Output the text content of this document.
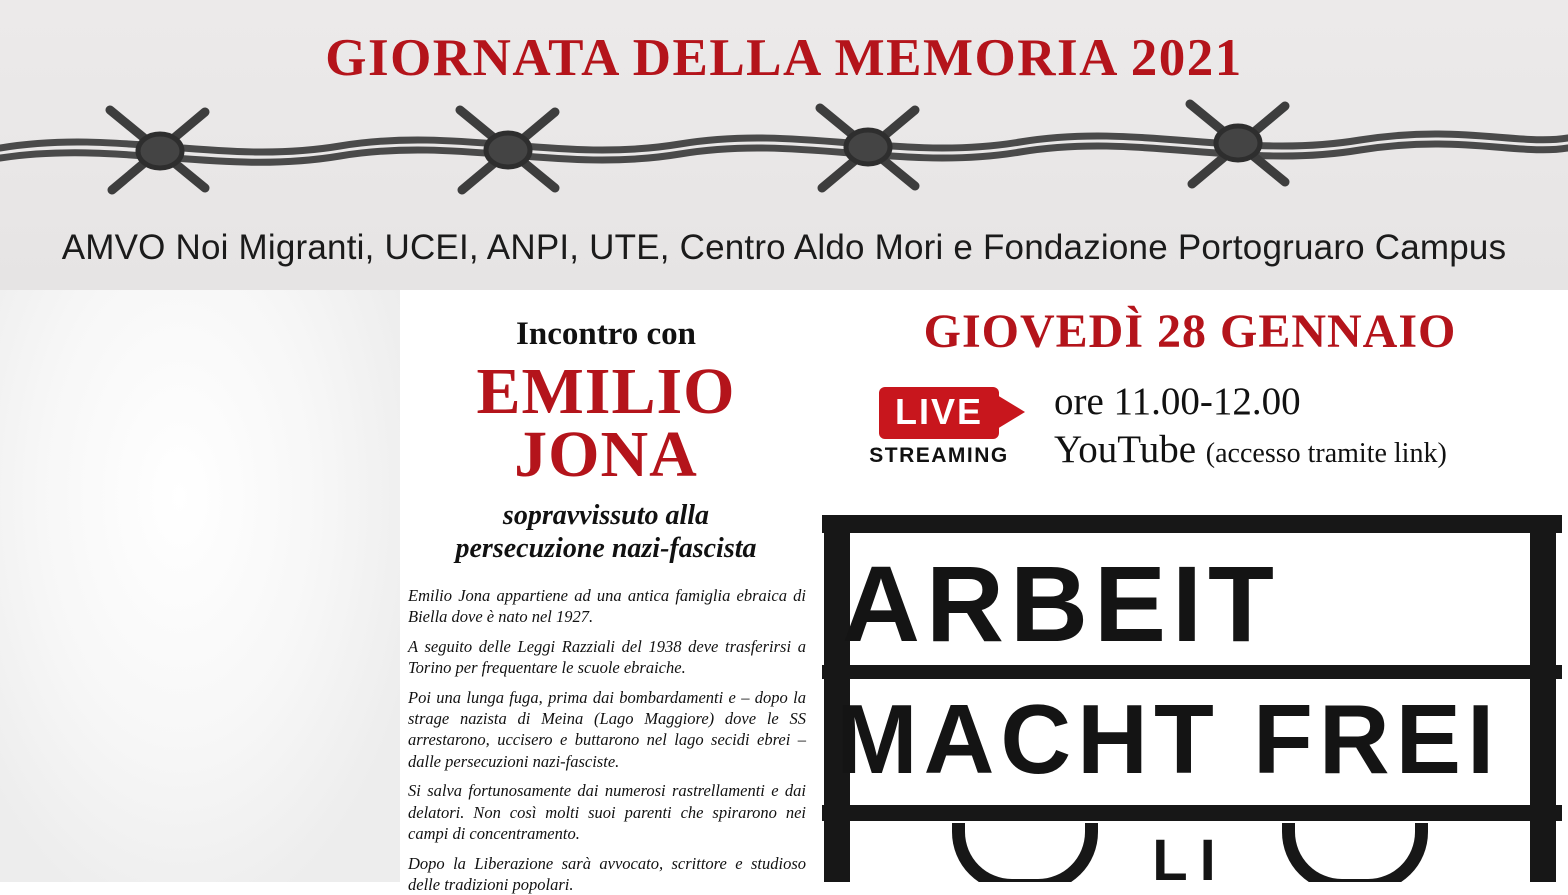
GIORNATA DELLA MEMORIA 2021
AMVO Noi Migranti, UCEI, ANPI, UTE, Centro Aldo Mori e Fondazione Portogruaro Campus
Incontro con
EMILIO
JONA
sopravvissuto alla
persecuzione nazi-fascista

Emilio Jona appartiene ad una antica famiglia ebraica di Biella dove è nato nel 1927.

A seguito delle Leggi Razziali del 1938 deve trasferirsi a Torino per frequentare le scuole ebraiche.

Poi una lunga fuga, prima dai bombardamenti e – dopo la strage nazista di Meina (Lago Maggiore) dove le SS arrestarono, uccisero e buttarono nel lago secidi ebrei – dalle persecuzioni nazi-fasciste.

Si salva fortunosamente dai numerosi rastrellamenti e dai delatori. Non così molti suoi parenti che spirarono nei campi di concentramento.

Dopo la Liberazione sarà avvocato, scrittore e studioso delle tradizioni popolari.

GIOVEDÌ 28 GENNAIO
LIVE
STREAMING
ore 11.00-12.00
YouTube (accesso tramite link)
ARBEIT
MACHT FREI
LI
